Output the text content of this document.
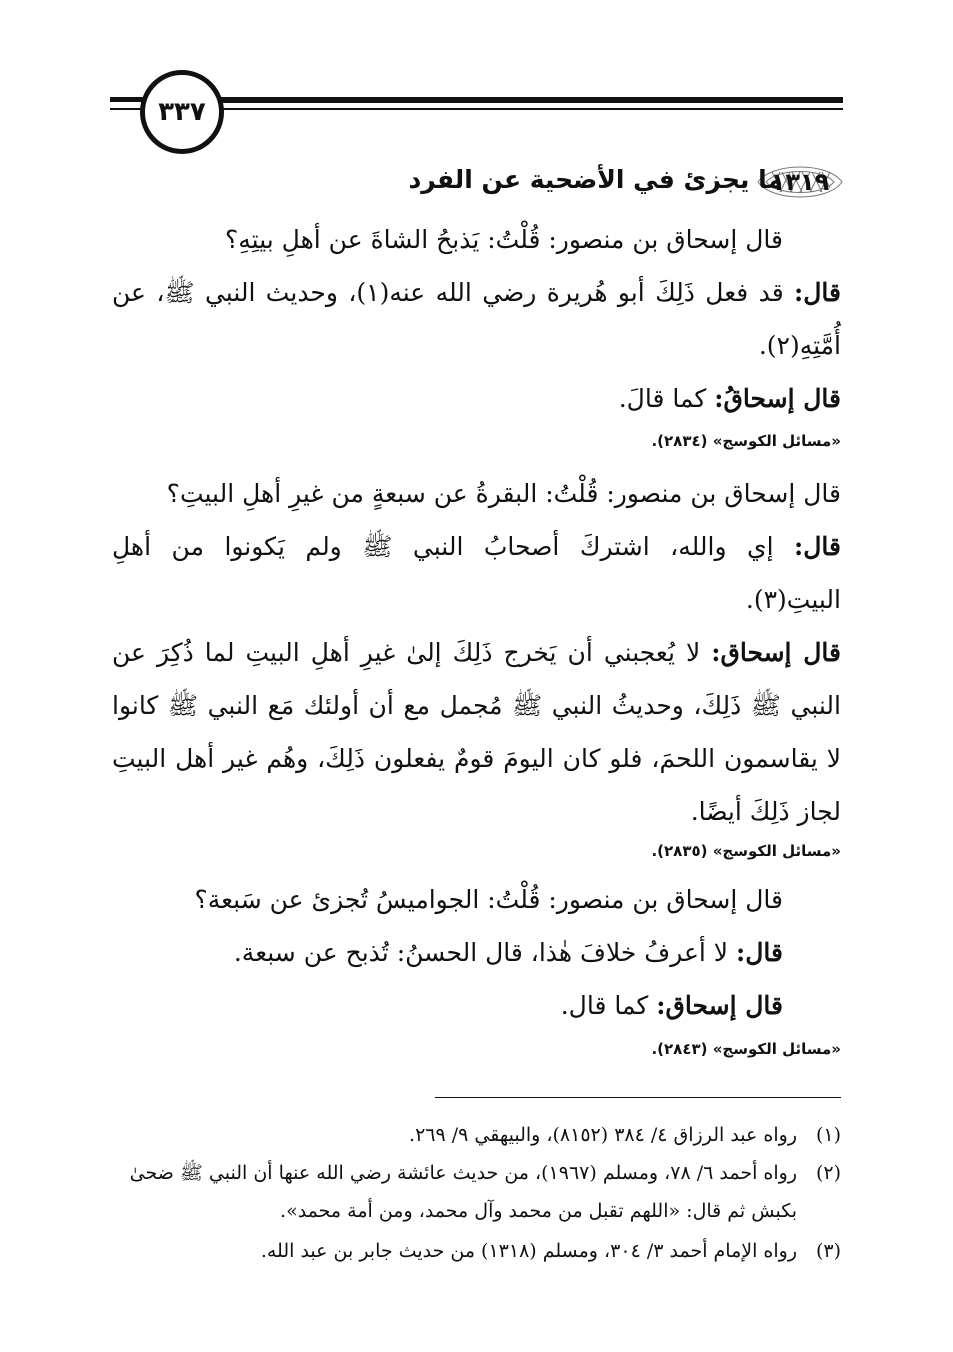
٣٣٧
١٣١٩
ما يجزئ في الأضحية عن الفرد
قال إسحاق بن منصور: قُلْتُ: يَذبحُ الشاةَ عن أهلِ بيتِهِ؟
قال: قد فعل ذَلِكَ أبو هُريرة رضي الله عنه(١)، وحديث النبي ﷺ، عن
أُمَّتِهِ(٢).
قال إسحاقُ: كما قالَ.
«مسائل الكوسج» (٢٨٣٤).
قال إسحاق بن منصور: قُلْتُ: البقرةُ عن سبعةٍ من غيرِ أهلِ البيتِ؟
قال: إي والله، اشتركَ أصحابُ النبي ﷺ ولم يَكونوا من أهلِ
البيتِ(٣).
قال إسحاق: لا يُعجبني أن يَخرج ذَلِكَ إلىٰ غيرِ أهلِ البيتِ لما ذُكِرَ عن
النبي ﷺ ذَلِكَ، وحديثُ النبي ﷺ مُجمل مع أن أولئك مَع النبي ﷺ كانوا
لا يقاسمون اللحمَ، فلو كان اليومَ قومٌ يفعلون ذَلِكَ، وهُم غير أهل البيتِ
لجاز ذَلِكَ أيضًا.
«مسائل الكوسج» (٢٨٣٥).
قال إسحاق بن منصور: قُلْتُ: الجواميسُ تُجزئ عن سَبعة؟
قال: لا أعرفُ خلافَ هٰذا، قال الحسنُ: تُذبح عن سبعة.
قال إسحاق: كما قال.
«مسائل الكوسج» (٢٨٤٣).
(١)رواه عبد الرزاق ٤/ ٣٨٤ (٨١٥٢)، والبيهقي ٩/ ٢٦٩.
(٢)رواه أحمد ٦/ ٧٨، ومسلم (١٩٦٧)، من حديث عائشة رضي الله عنها أن النبي ﷺ ضحىٰ
بكبش ثم قال: «اللهم تقبل من محمد وآل محمد، ومن أمة محمد».
(٣)رواه الإمام أحمد ٣/ ٣٠٤، ومسلم (١٣١٨) من حديث جابر بن عبد الله.
